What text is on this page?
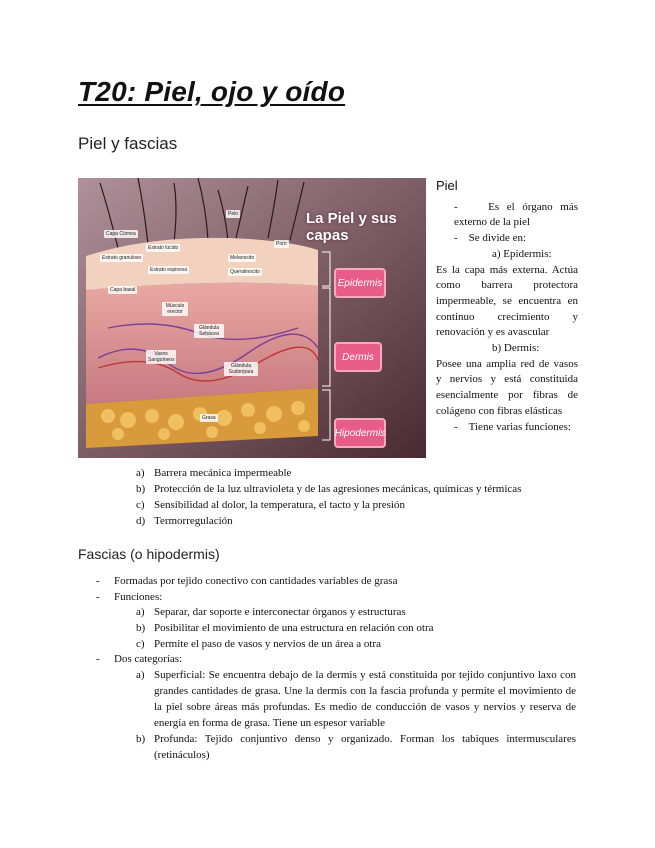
T20: Piel, ojo y oído
Piel y fascias
La Piel y sus capas
Epidermis
Dermis
Hipodermis
Pelo
Poro
Capa Córnea
Estrato lúcido
Estrato granuloso
Estrato espinoso
Melanocito
Queratinocito
Capa basal
Músculo erector
Glándula Sebácea
Vasos Sanguíneos
Glándula Sudorípara
Grasa
Piel

-	Es el órgano más externo de la piel

- Se divide en:

a) Epidermis:

Es la capa más externa. Actúa como barrera protectora impermeable, se encuentra en continuo crecimiento y renovación y es avascular

b) Dermis:

Posee una amplia red de vasos y nervios y está constituida esencialmente por fibras de colágeno con fibras elásticas

- Tiene varias funciones:

a) Barrera mecánica impermeable
b) Protección de la luz ultravioleta y de las agresiones mecánicas, químicas y térmicas
c) Sensibilidad al dolor, la temperatura, el tacto y la presión
d) Termorregulación
Fascias (o hipodermis)
- Formadas por tejido conectivo con cantidades variables de grasa
- Funciones:
a) Separar, dar soporte e interconectar órganos y estructuras
b) Posibilitar el movimiento de una estructura en relación con otra
c) Permite el paso de vasos y nervios de un área a otra
- Dos categorías:
a) Superficial: Se encuentra debajo de la dermis y está constituida por tejido conjuntivo laxo con grandes cantidades de grasa. Une la dermis con la fascia profunda y permite el movimiento de la piel sobre áreas más profundas. Es medio de conducción de vasos y nervios y reserva de energía en forma de grasa. Tiene un espesor variable
b) Profunda: Tejido conjuntivo denso y organizado. Forman los tabiques intermusculares (retináculos)
